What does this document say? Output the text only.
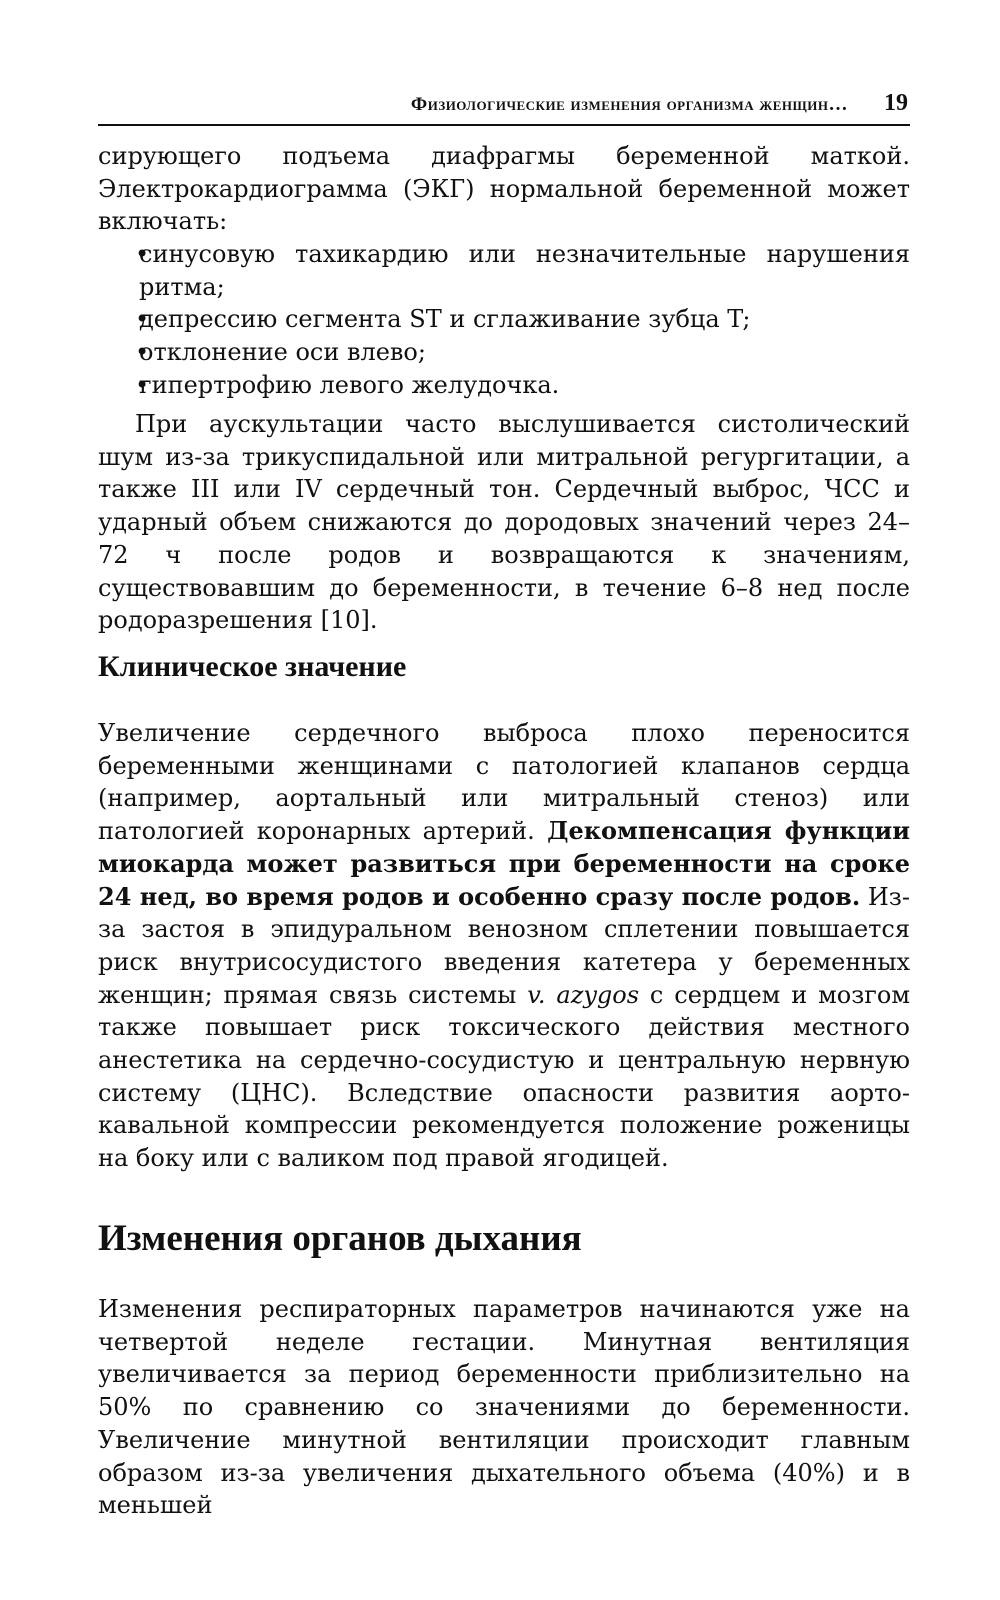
Физиологические изменения организма женщин… 19

сирующего подъема диафрагмы беременной маткой. Электрокардиограмма (ЭКГ) нормальной беременной может включать:

• синусовую тахикардию или незначительные нарушения ритма;
• депрессию сегмента ST и сглаживание зубца T;
• отклонение оси влево;
• гипертрофию левого желудочка.

При аускультации часто выслушивается систолический шум из-за трикуспидальной или митральной регургитации, а также III или IV сердечный тон. Сердечный выброс, ЧСС и ударный объем снижаются до дородовых значений через 24–72 ч после родов и возвращаются к значениям, существовавшим до беременности, в течение 6–8 нед после родоразрешения [10].

Клиническое значение

Увеличение сердечного выброса плохо переносится беременными женщинами с патологией клапанов сердца (например, аортальный или митральный стеноз) или патологией коронарных артерий. Декомпенсация функции миокарда может развиться при беременности на сроке 24 нед, во время родов и особенно сразу после родов. Из-за застоя в эпидуральном венозном сплетении повышается риск внутрисосудистого введения катетера у беременных женщин; прямая связь системы v. azygos с сердцем и мозгом также повышает риск токсического действия местного анестетика на сердечно-сосудистую и центральную нервную систему (ЦНС). Вследствие опасности развития аорто-кавальной компрессии рекомендуется положение роженицы на боку или с валиком под правой ягодицей.

Изменения органов дыхания

Изменения респираторных параметров начинаются уже на четвертой неделе гестации. Минутная вентиляция увеличивается за период беременности приблизительно на 50% по сравнению со значениями до беременности. Увеличение минутной вентиляции происходит главным образом из-за увеличения дыхательного объема (40%) и в меньшей
